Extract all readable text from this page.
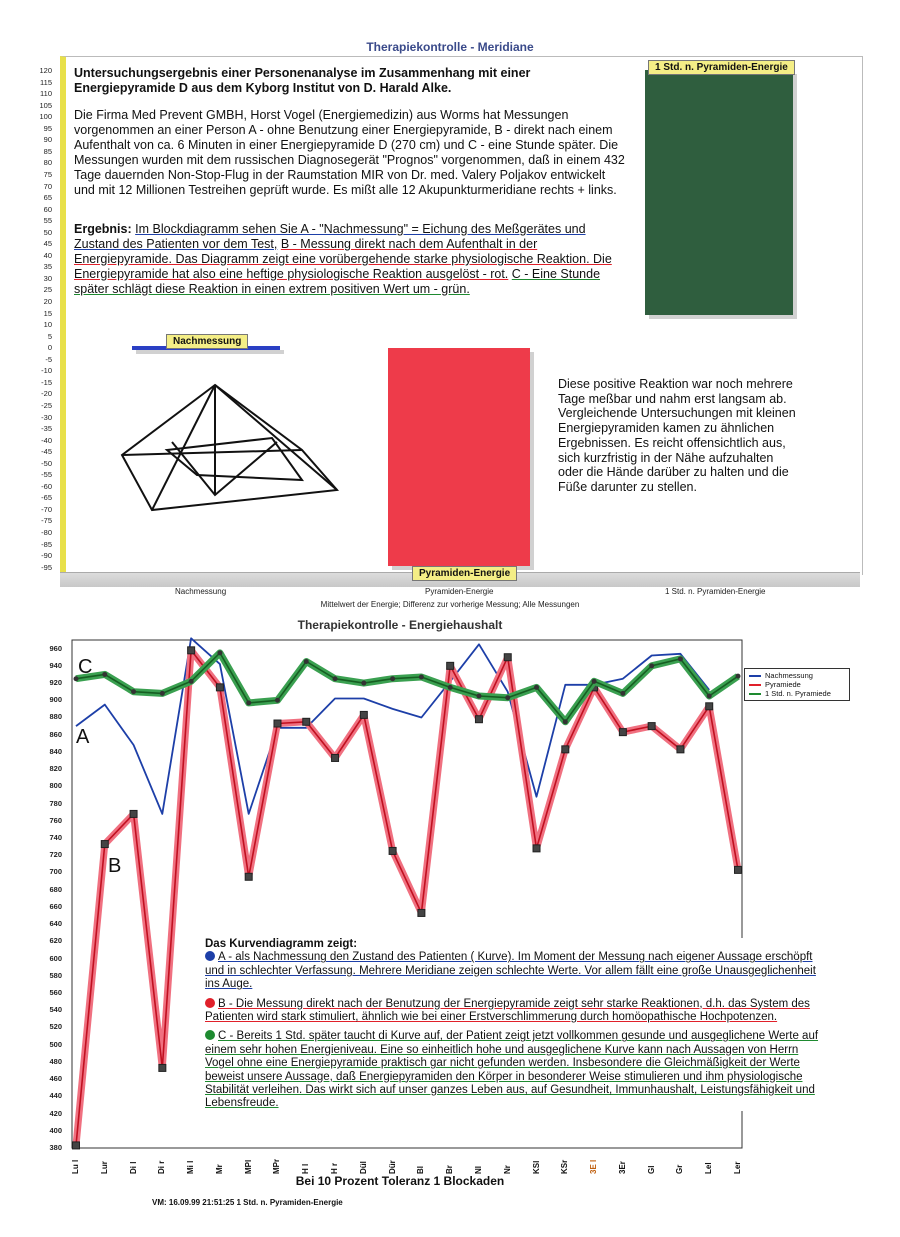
Therapiekontrolle - Meridiane
120
115
110
105
100
95
90
85
80
75
70
65
60
55
50
45
40
35
30
25
20
15
10
5
0
-5
-10
-15
-20
-25
-30
-35
-40
-45
-50
-55
-60
-65
-70
-75
-80
-85
-90
-95
Untersuchungsergebnis einer Personenanalyse im Zusammenhang mit einer Energiepyramide D aus dem Kyborg Institut von D. Harald Alke.
Die Firma Med Prevent GMBH, Horst Vogel (Energiemedizin) aus Worms hat Messungen vorgenommen an einer Person A - ohne Benutzung einer Energiepyramide, B - direkt nach einem Aufenthalt von ca. 6 Minuten in einer Energiepyramide D (270 cm) und C - eine Stunde später. Die Messungen wurden mit dem russischen Diagnosegerät "Prognos" vorgenommen, daß in einem 432 Tage dauernden Non-Stop-Flug in der Raumstation MIR von Dr. med. Valery Poljakov entwickelt und mit 12 Millionen Testreihen geprüft wurde. Es mißt alle 12 Akupunkturmeridiane rechts + links.
Ergebnis: Im Blockdiagramm sehen Sie A - "Nachmessung" = Eichung des Meßgerätes und Zustand des Patienten vor dem Test, B - Messung direkt nach dem Aufenthalt in der Energiepyramide. Das Diagramm zeigt eine vorübergehende starke physiologische Reaktion. Die Energiepyramide hat also eine heftige physiologische Reaktion ausgelöst - rot. C - Eine Stunde später schlägt diese Reaktion in einen extrem positiven Wert um - grün.
Nachmessung
Pyramiden-Energie
1 Std. n. Pyramiden-Energie
Diese positive Reaktion war noch mehrere Tage meßbar und nahm erst langsam ab. Vergleichende Untersuchungen mit kleinen Energiepyramiden kamen zu ähnlichen Ergebnissen. Es reicht offensichtlich aus, sich kurzfristig in der Nähe aufzuhalten oder die Hände darüber zu halten und die Füße darunter zu stellen.
Nachmessung	Pyramiden-Energie	1 Std. n. Pyramiden-Energie
Mittelwert der Energie; Differenz zur vorherige Messung; Alle Messungen
Therapiekontrolle - Energiehaushalt
960
940
920
900
880
860
840
820
800
780
760
740
720
700
680
660
640
620
600
580
560
540
520
500
480
460
440
420
400
380
Nachmessung
Pyramiede
1 Std. n. Pyramiede
C
A
B
Das Kurvendiagramm zeigt:
A - als Nachmessung den Zustand des Patienten ( Kurve). Im Moment der Messung nach eigener Aussage erschöpft und in schlechter Verfassung. Mehrere Meridiane zeigen schlechte Werte. Vor allem fällt eine große Unausgeglichenheit ins Auge.
B - Die Messung direkt nach der Benutzung der Energiepyramide zeigt sehr starke Reaktionen, d.h. das System des Patienten wird stark stimuliert, ähnlich wie bei einer Erstverschlimmerung durch homöopathische Hochpotenzen.
C - Bereits 1 Std. später taucht di Kurve auf, der Patient zeigt jetzt vollkommen gesunde und ausgeglichene Werte auf einem sehr hohen Energieniveau. Eine so einheitlich hohe und ausgeglichene Kurve kann nach Aussagen von Herrn Vogel ohne eine Energiepyramide praktisch gar nicht gefunden werden. Insbesondere die Gleichmäßigkeit der Werte beweist unsere Aussage, daß Energiepyramiden den Körper in besonderer Weise stimulieren und ihm physiologische Stabilität verleihen. Das wirkt sich auf unser ganzes Leben aus, auf Gesundheit, Immunhaushalt, Leistungsfähigkeit und Lebensfreude.
Lu l Lur Di l Di r Mi l Mr MPl MPr H l H r Dül Dür Bl Br Nl Nr KSl KSr 3E l 3Er Gl Gr Lel Ler
Bei 10 Prozent Toleranz 1 Blockaden
VM: 16.09.99 21:51:25 1 Std. n. Pyramiden-Energie
